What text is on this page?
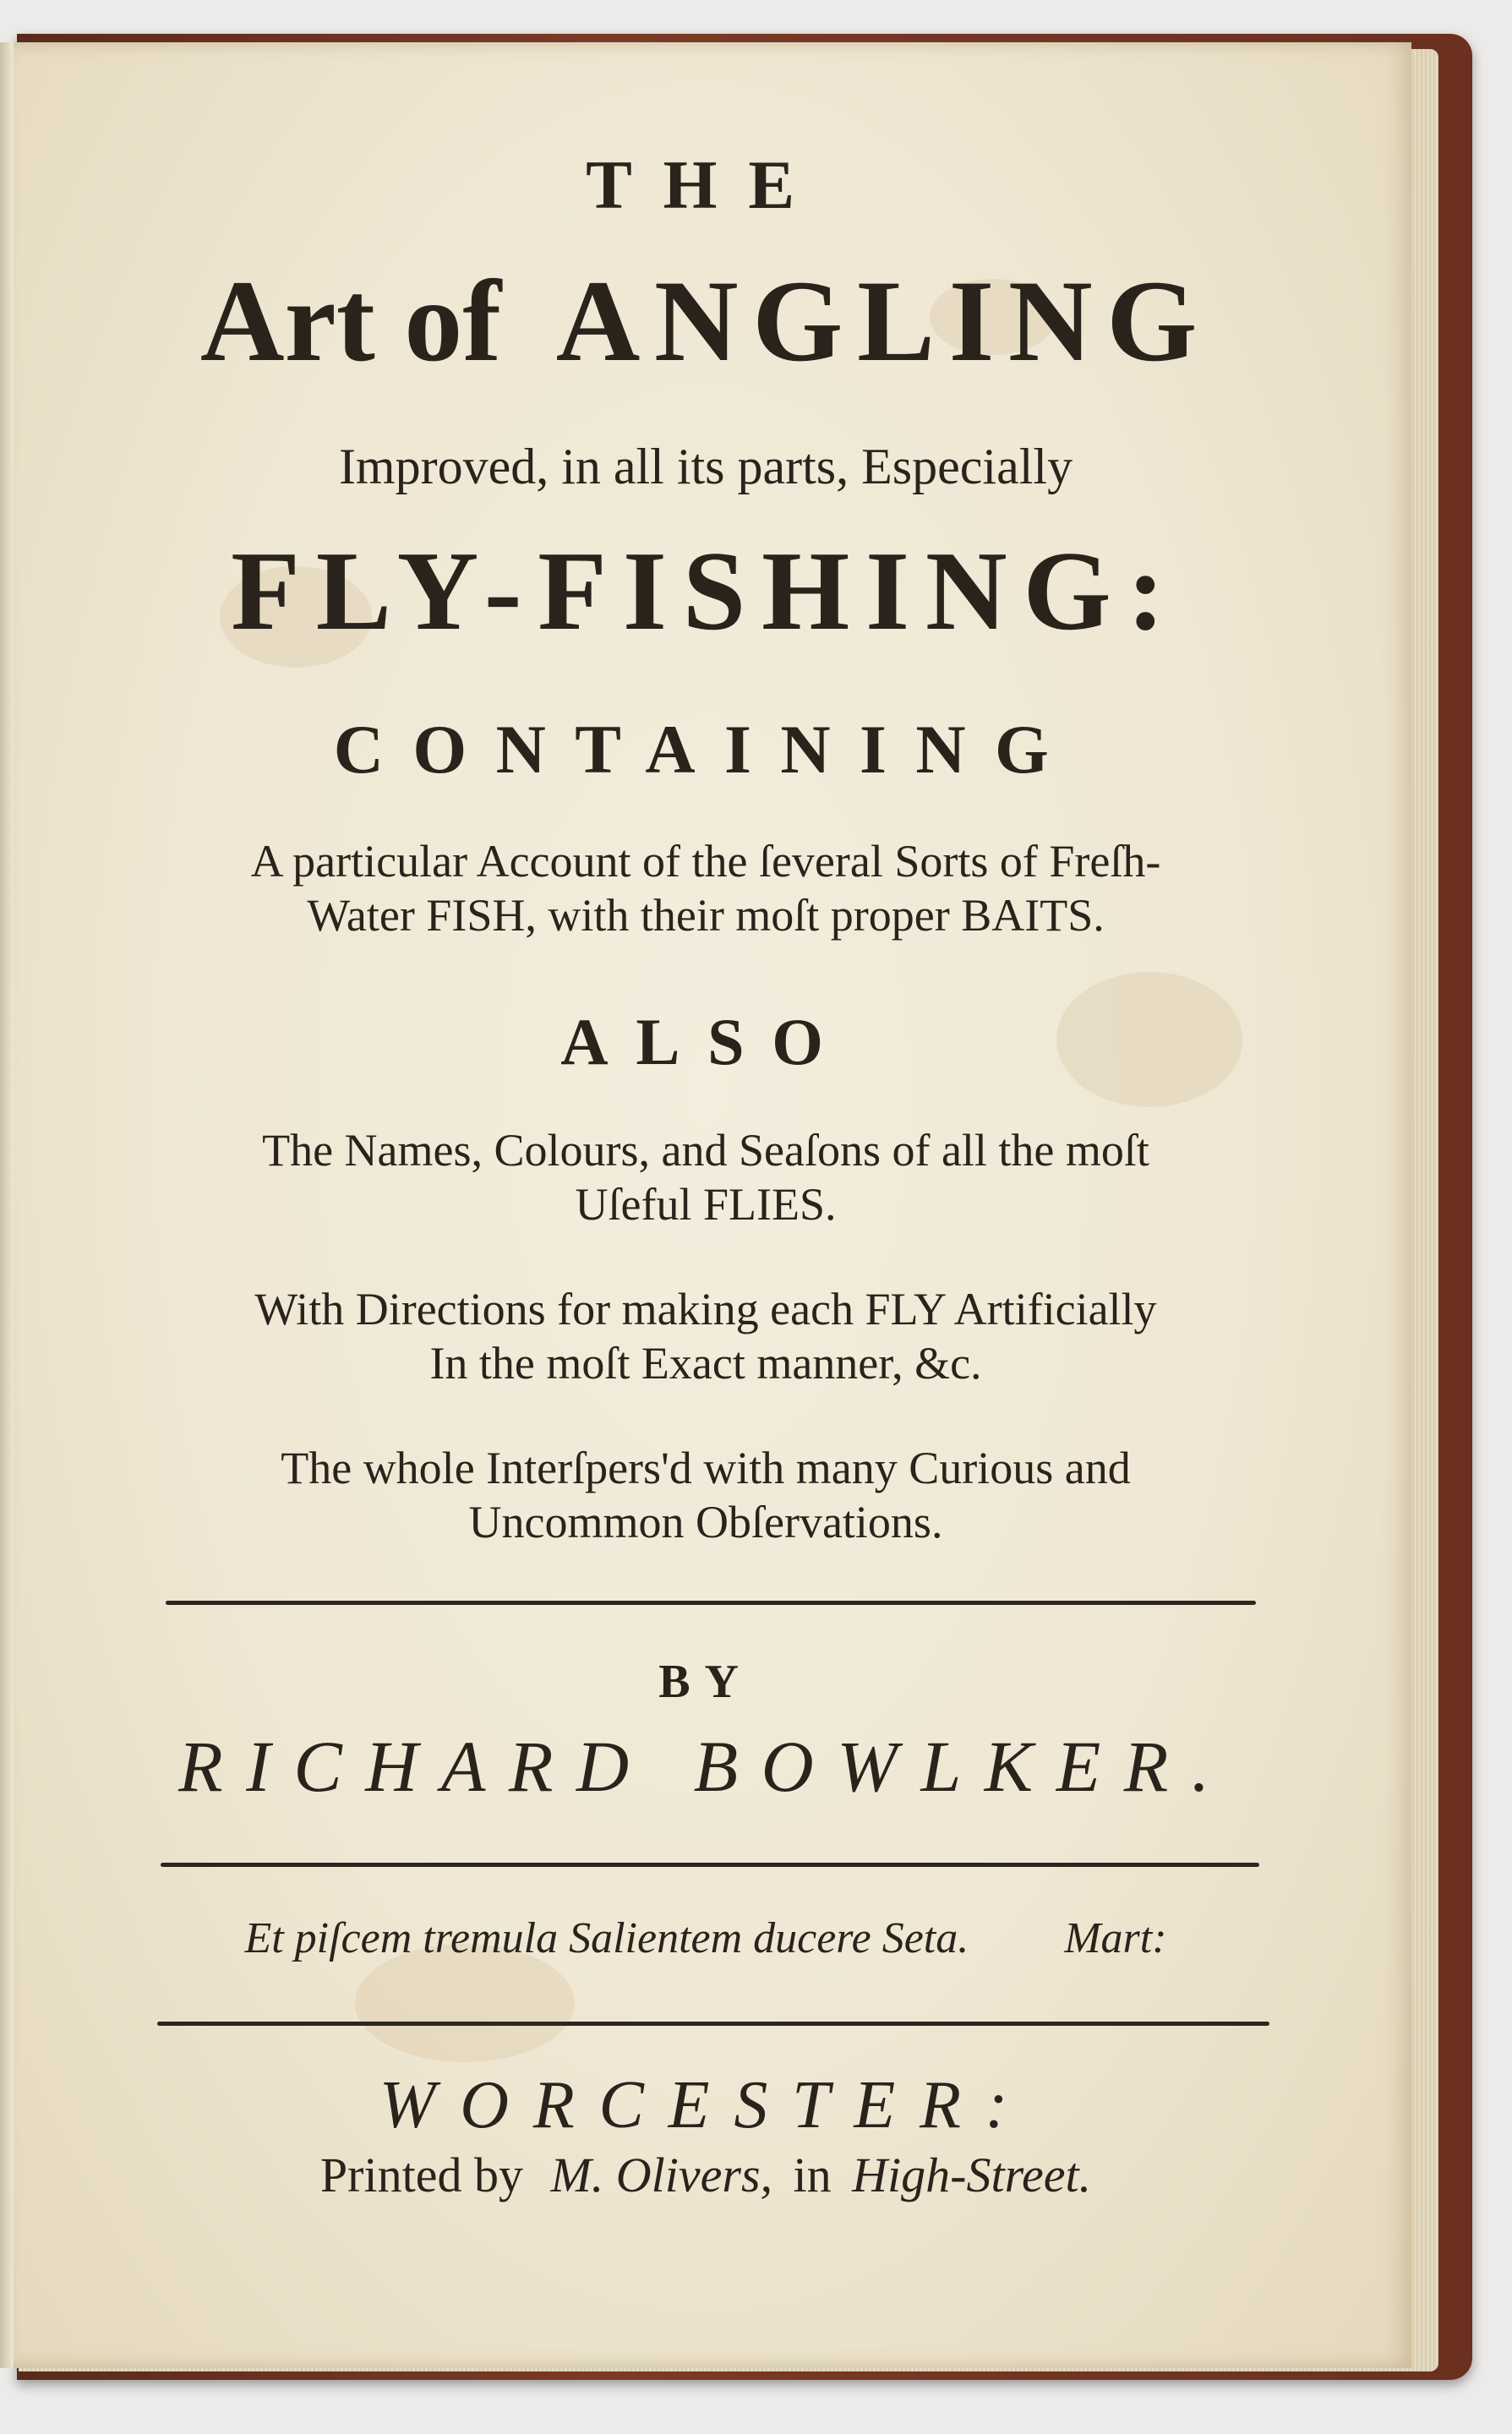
THE
Art of ANGLING
Improved, in all its parts, Especially
FLY-FISHING:
CONTAINING
A particular Account of the ſeveral Sorts of Freſh-
Water FISH, with their moſt proper BAITS.
ALSO
The Names, Colours, and Seaſons of all the moſt
Uſeful FLIES.
With Directions for making each FLY Artificially
In the moſt Exact manner, &c.
The whole Interſpers'd with many Curious and
Uncommon Obſervations.
BY
RICHARD BOWLKER.
Et piſcem tremula Salientem ducere Seta. Mart:
WORCESTER:
Printed by M. Olivers, in High-Street.
